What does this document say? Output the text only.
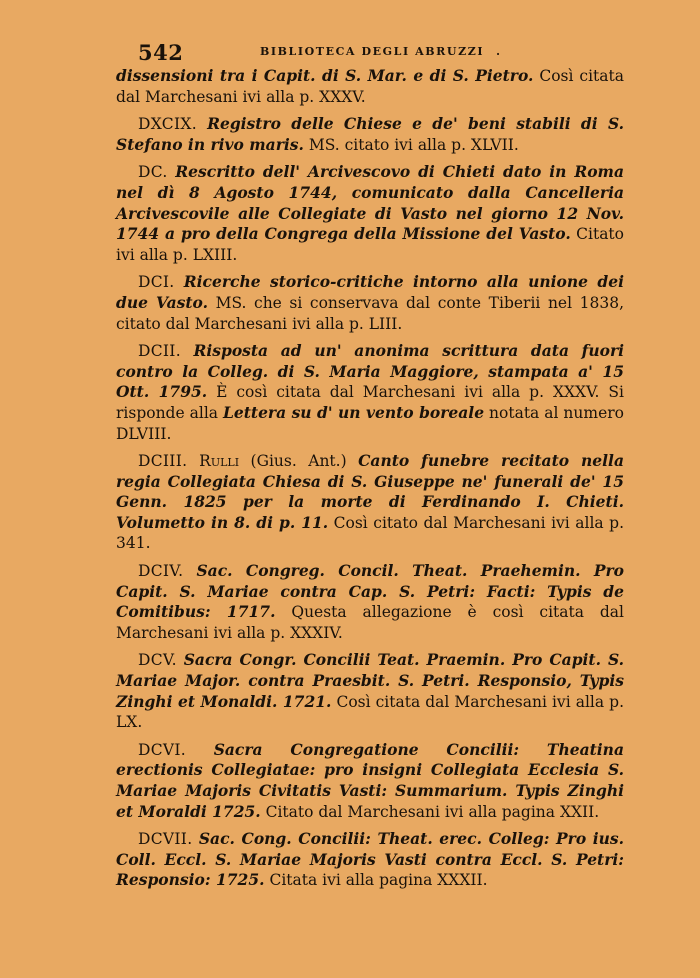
542	BIBLIOTECA DEGLI ABRUZZI .

dissensioni tra i Capit. di S. Mar. e di S. Pietro. Così citata dal Marchesani ivi alla p. XXXV.

DXCIX. Registro delle Chiese e de' beni stabili di S. Stefano in rivo maris. MS. citato ivi alla p. XLVII.

DC. Rescritto dell' Arcivescovo di Chieti dato in Roma nel dì 8 Agosto 1744, comunicato dalla Cancelleria Arcivescovile alle Collegiate di Vasto nel giorno 12 Nov. 1744 a pro della Congrega della Missione del Vasto. Citato ivi alla p. LXIII.

DCI. Ricerche storico-critiche intorno alla unione dei due Vasto. MS. che si conservava dal conte Tiberii nel 1838, citato dal Marchesani ivi alla p. LIII.

DCII. Risposta ad un' anonima scrittura data fuori contro la Colleg. di S. Maria Maggiore, stampata a' 15 Ott. 1795. È così citata dal Marchesani ivi alla p. XXXV. Si risponde alla Lettera su d' un vento boreale notata al numero DLVIII.

DCIII. Rulli (Gius. Ant.) Canto funebre recitato nella regia Collegiata Chiesa di S. Giuseppe ne' funerali de' 15 Genn. 1825 per la morte di Ferdinando I. Chieti. Volumetto in 8. di p. 11. Così citato dal Marchesani ivi alla p. 341.

DCIV. Sac. Congreg. Concil. Theat. Praehemin. Pro Capit. S. Mariae contra Cap. S. Petri: Facti: Typis de Comitibus: 1717. Questa allegazione è così citata dal Marchesani ivi alla p. XXXIV.

DCV. Sacra Congr. Concilii Teat. Praemin. Pro Capit. S. Mariae Major. contra Praesbit. S. Petri. Responsio, Typis Zinghi et Monaldi. 1721. Così citata dal Marchesani ivi alla p. LX.

DCVI. Sacra Congregatione Concilii: Theatina erectionis Collegiatae: pro insigni Collegiata Ecclesia S. Mariae Majoris Civitatis Vasti: Summarium. Typis Zinghi et Moraldi 1725. Citato dal Marchesani ivi alla pagina XXII.

DCVII. Sac. Cong. Concilii: Theat. erec. Colleg: Pro ius. Coll. Eccl. S. Mariae Majoris Vasti contra Eccl. S. Petri: Responsio: 1725. Citata ivi alla pagina XXXII.
